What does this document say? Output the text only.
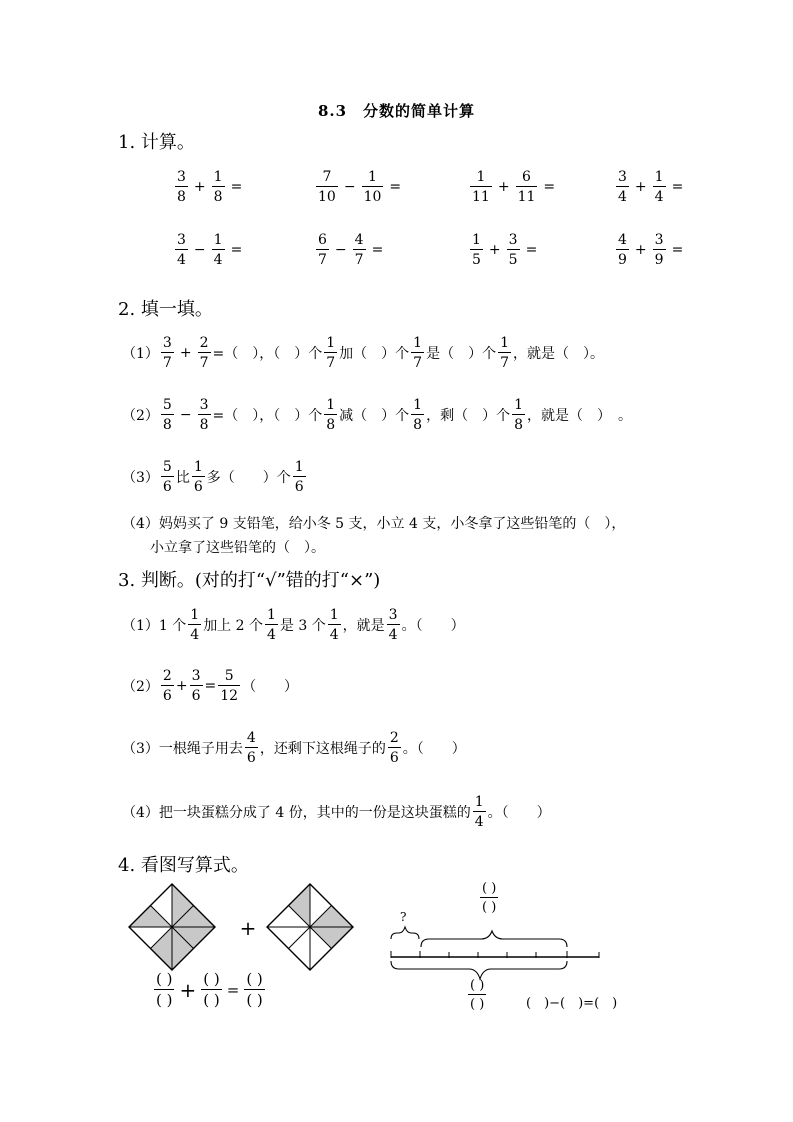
8.3　分数的简单计算
1. 计算。
$\frac{3}{8} + \frac{1}{8}$ =	$\frac{7}{10} - \frac{1}{10}$ =	$\frac{1}{11} + \frac{6}{11}$ =	$\frac{3}{4} + \frac{1}{4}$ =
$\frac{3}{4} - \frac{1}{4}$ =	$\frac{6}{7} - \frac{4}{7}$ =	$\frac{1}{5} + \frac{3}{5}$ =	$\frac{4}{9} + \frac{3}{9}$ =
2. 填一填。
$(1) \frac{3}{7} + \frac{2}{7}$ =（　），（　）个 $\frac{1}{7}$ 加（　）个 $\frac{1}{7}$ 是（　）个 $\frac{1}{7}$ ，就是（　）。
$(2) \frac{5}{8} - \frac{3}{8}$ =（　），（　）个 $\frac{1}{8}$ 减（　）个 $\frac{1}{8}$ ，剩（　）个 $\frac{1}{8}$ ，就是（　）　。
$(3) \frac{5}{6}$ 比 $\frac{1}{6}$ 多（　　）个 $\frac{1}{6}$
（4）妈妈买了 9 支铅笔，给小冬 5 支，小立 4 支，小冬拿了这些铅笔的（　），
小立拿了这些铅笔的（　）。
3. 判断。(对的打“√”错的打“×”)
（1）1 个 $\frac{1}{4}$ 加上 2 个 $\frac{1}{4}$ 是 3 个 $\frac{1}{4}$ ，就是 $\frac{3}{4}$ 。（　　）
$(2) \frac{2}{6} + \frac{3}{6} = \frac{5}{12}$ （　　）
（3）一根绳子用去 $\frac{4}{6}$ ，还剩下这根绳子的 $\frac{2}{6}$ 。（　　）
（4）把一块蛋糕分成了 4 份，其中的一份是这块蛋糕的 $\frac{1}{4}$ 。（　　）
4. 看图写算式。
+
$\frac{( )}{( )} + \frac{( )}{( )} = \frac{( )}{( )}$
$\frac{( )}{( )}$
?
$\frac{( )}{( )}$	(　)−(　)=(　)
